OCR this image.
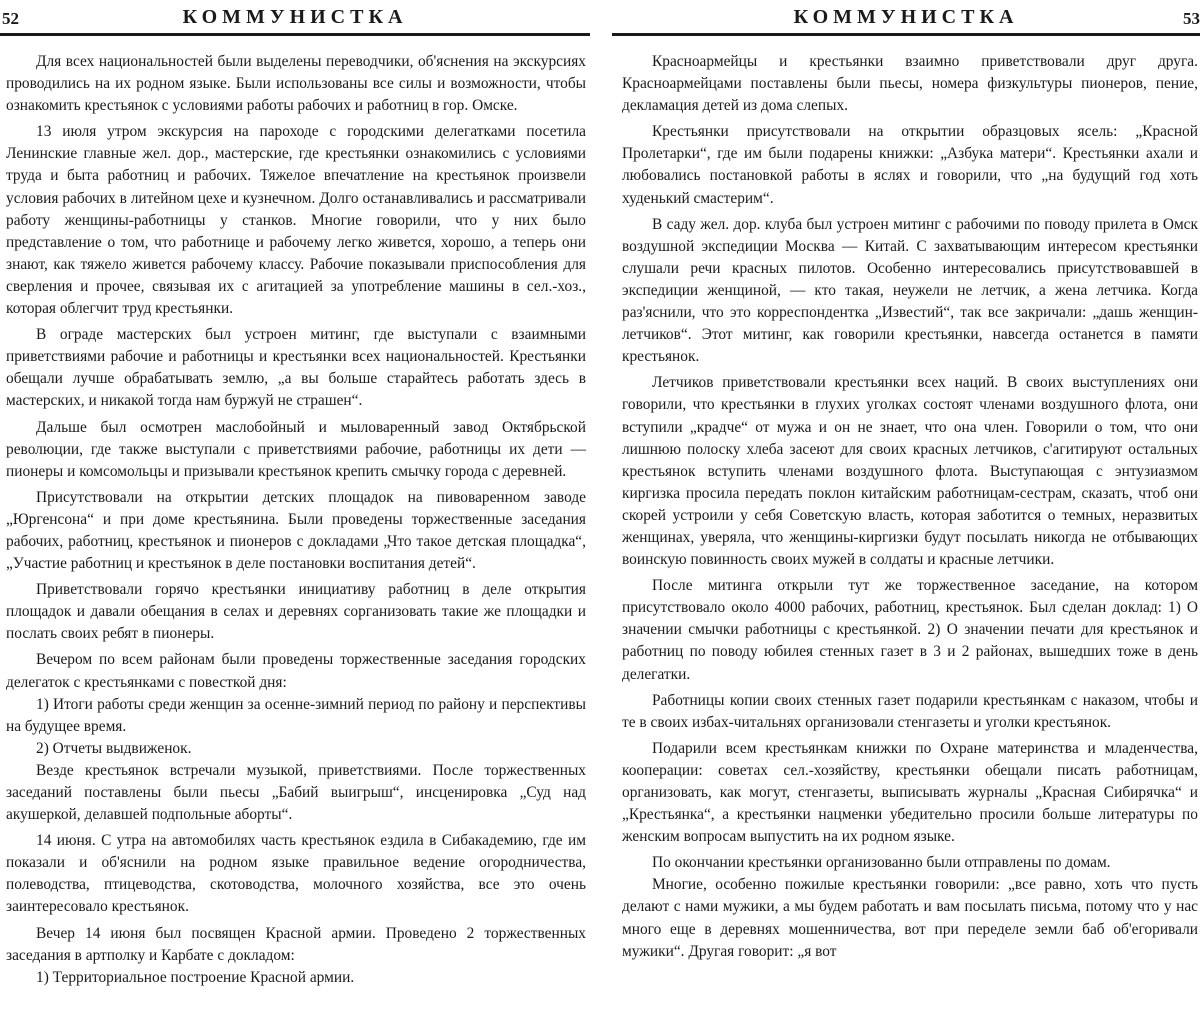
52	КОММУНИСТКА

Для всех национальностей были выделены переводчики, об'яснения на экскурсиях проводились на их родном языке. Были использованы все силы и возможности, чтобы ознакомить крестьянок с условиями работы рабочих и работниц в гор. Омске.

13 июля утром экскурсия на пароходе с городскими делегатками посетила Ленинские главные жел. дор., мастерские, где крестьянки ознакомились с условиями труда и быта работниц и рабочих. Тяжелое впечатление на крестьянок произвели условия рабочих в литейном цехе и кузнечном. Долго останавливались и рассматривали работу женщины-работницы у станков. Многие говорили, что у них было представление о том, что работнице и рабочему легко живется, хорошо, а теперь они знают, как тяжело живется рабочему классу. Рабочие показывали приспособления для сверления и прочее, связывая их с агитацией за употребление машины в сел.-хоз., которая облегчит труд крестьянки.

В ограде мастерских был устроен митинг, где выступали с взаимными приветствиями рабочие и работницы и крестьянки всех национальностей. Крестьянки обещали лучше обрабатывать землю, „а вы больше старайтесь работать здесь в мастерских, и никакой тогда нам буржуй не страшен“.

Дальше был осмотрен маслобойный и мыловаренный завод Октябрьской революции, где также выступали с приветствиями рабочие, работницы их дети — пионеры и комсомольцы и призывали крестьянок крепить смычку города с деревней.

Присутствовали на открытии детских площадок на пивоваренном заводе „Юргенсона“ и при доме крестьянина. Были проведены торжественные заседания рабочих, работниц, крестьянок и пионеров с докладами „Что такое детская площадка“, „Участие работниц и крестьянок в деле постановки воспитания детей“.

Приветствовали горячо крестьянки инициативу работниц в деле открытия площадок и давали обещания в селах и деревнях сорганизовать такие же площадки и послать своих ребят в пионеры.

Вечером по всем районам были проведены торжественные заседания городских делегаток с крестьянками с повесткой дня:

1) Итоги работы среди женщин за осенне-зимний период по району и перспективы на будущее время.

2) Отчеты выдвиженок.

Везде крестьянок встречали музыкой, приветствиями. После торжественных заседаний поставлены были пьесы „Бабий выигрыш“, инсценировка „Суд над акушеркой, делавшей подпольные аборты“.

14 июня. С утра на автомобилях часть крестьянок ездила в Сибакадемию, где им показали и об'яснили на родном языке правильное ведение огородничества, полеводства, птицеводства, скотоводства, молочного хозяйства, все это очень заинтересовало крестьянок.

Вечер 14 июня был посвящен Красной армии. Проведено 2 торжественных заседания в артполку и Карбате с докладом:

1) Территориальное построение Красной армии.

КОММУНИСТКА	53

Красноармейцы и крестьянки взаимно приветствовали друг друга. Красноармейцами поставлены были пьесы, номера физкультуры пионеров, пение, декламация детей из дома слепых.

Крестьянки присутствовали на открытии образцовых ясель: „Красной Пролетарки“, где им были подарены книжки: „Азбука матери“. Крестьянки ахали и любовались постановкой работы в яслях и говорили, что „на будущий год хоть худенький смастерим“.

В саду жел. дор. клуба был устроен митинг с рабочими по поводу прилета в Омск воздушной экспедиции Москва — Китай. С захватывающим интересом крестьянки слушали речи красных пилотов. Особенно интересовались присутствовавшей в экспедиции женщиной, — кто такая, неужели не летчик, а жена летчика. Когда раз'яснили, что это корреспондентка „Известий“, так все закричали: „дашь женщин-летчиков“. Этот митинг, как говорили крестьянки, навсегда останется в памяти крестьянок.

Летчиков приветствовали крестьянки всех наций. В своих выступлениях они говорили, что крестьянки в глухих уголках состоят членами воздушного флота, они вступили „крадче“ от мужа и он не знает, что она член. Говорили о том, что они лишнюю полоску хлеба засеют для своих красных летчиков, с'агитируют остальных крестьянок вступить членами воздушного флота. Выступающая с энтузиазмом киргизка просила передать поклон китайским работницам-сестрам, сказать, чтоб они скорей устроили у себя Советскую власть, которая заботится о темных, неразвитых женщинах, уверяла, что женщины-киргизки будут посылать никогда не отбывающих воинскую повинность своих мужей в солдаты и красные летчики.

После митинга открыли тут же торжественное заседание, на котором присутствовало около 4000 рабочих, работниц, крестьянок. Был сделан доклад: 1) О значении смычки работницы с крестьянкой. 2) О значении печати для крестьянок и работниц по поводу юбилея стенных газет в 3 и 2 районах, вышедших тоже в день делегатки.

Работницы копии своих стенных газет подарили крестьянкам с наказом, чтобы и те в своих избах-читальнях организовали стенгазеты и уголки крестьянок.

Подарили всем крестьянкам книжки по Охране материнства и младенчества, кооперации: советах сел.-хозяйству, крестьянки обещали писать работницам, организовать, как могут, стенгазеты, выписывать журналы „Красная Сибирячка“ и „Крестьянка“, а крестьянки нацменки убедительно просили больше литературы по женским вопросам выпустить на их родном языке.

По окончании крестьянки организованно были отправлены по домам.

Многие, особенно пожилые крестьянки говорили: „все равно, хоть что пусть делают с нами мужики, а мы будем работать и вам посылать письма, потому что у нас много еще в деревнях мошенничества, вот при переделе земли баб об'егоривали мужики“. Другая говорит: „я вот
